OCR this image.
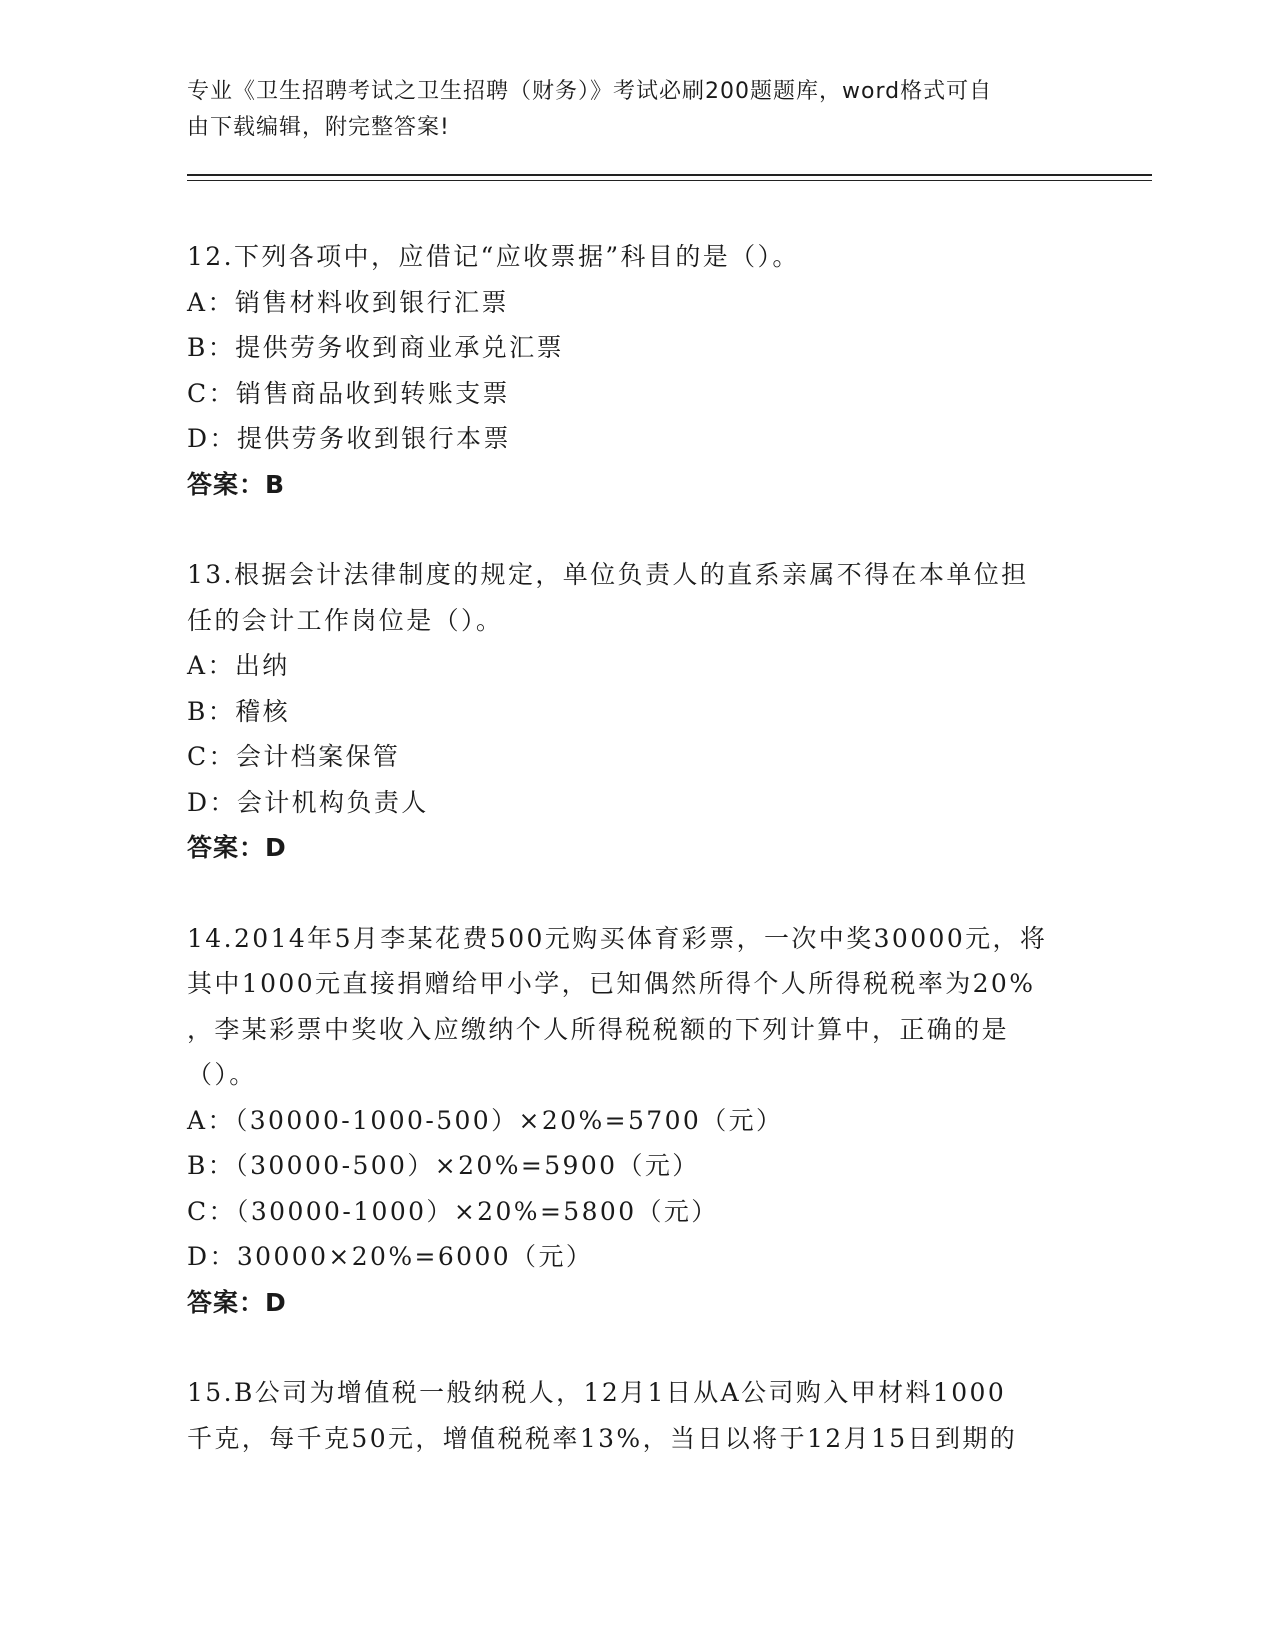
专业《卫生招聘考试之卫生招聘（财务）》考试必刷200题题库，word格式可自
由下载编辑，附完整答案!

12.下列各项中，应借记“应收票据”科目的是（）。

A：销售材料收到银行汇票

B：提供劳务收到商业承兑汇票

C：销售商品收到转账支票

D：提供劳务收到银行本票

答案：B

13.根据会计法律制度的规定，单位负责人的直系亲属不得在本单位担

任的会计工作岗位是（）。

A：出纳

B：稽核

C：会计档案保管

D：会计机构负责人

答案：D

14.2014年5月李某花费500元购买体育彩票，一次中奖30000元，将

其中1000元直接捐赠给甲小学，已知偶然所得个人所得税税率为20%

，李某彩票中奖收入应缴纳个人所得税税额的下列计算中，正确的是

（）。

A：（30000-1000-500）×20%=5700（元）

B：（30000-500）×20%=5900（元）

C：（30000-1000）×20%=5800（元）

D：30000×20%=6000（元）

答案：D

15.B公司为增值税一般纳税人，12月1日从A公司购入甲材料1000

千克，每千克50元，增值税税率13%，当日以将于12月15日到期的
